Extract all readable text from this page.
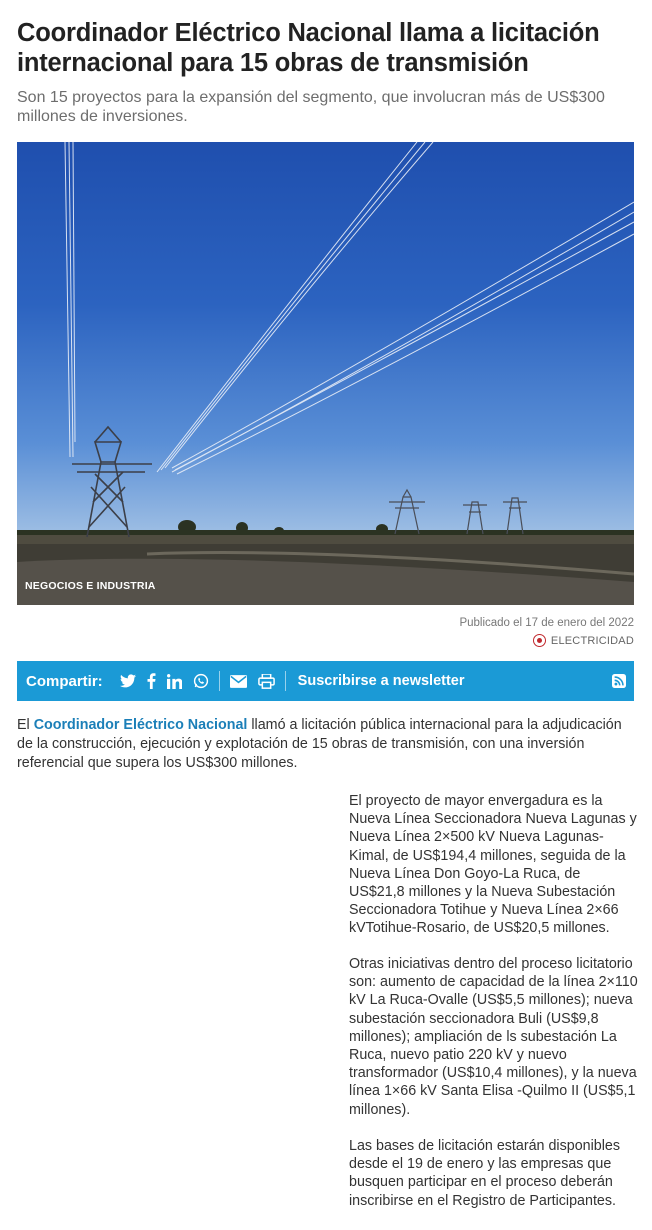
Coordinador Eléctrico Nacional llama a licitación internacional para 15 obras de transmisión

Son 15 proyectos para la expansión del segmento, que involucran más de US$300 millones de inversiones.

NEGOCIOS E INDUSTRIA
Publicado el 17 de enero del 2022
ELECTRICIDAD
Compartir:	Suscribirse a newsletter

El Coordinador Eléctrico Nacional llamó a licitación pública internacional para la adjudicación de la construcción, ejecución y explotación de 15 obras de transmisión, con una inversión referencial que supera los US$300 millones.

El proyecto de mayor envergadura es la Nueva Línea Seccionadora Nueva Lagunas y Nueva Línea 2×500 kV Nueva Lagunas-Kimal, de US$194,4 millones, seguida de la Nueva Línea Don Goyo-La Ruca, de US$21,8 millones y la Nueva Subestación Seccionadora Totihue y Nueva Línea 2×66 kVTotihue-Rosario, de US$20,5 millones.

Otras iniciativas dentro del proceso licitatorio son: aumento de capacidad de la línea 2×110 kV La Ruca-Ovalle (US$5,5 millones); nueva subestación seccionadora Buli (US$9,8 millones); ampliación de ls subestación La Ruca, nuevo patio 220 kV y nuevo transformador (US$10,4 millones), y la nueva línea 1×66 kV Santa Elisa -Quilmo II (US$5,1 millones).

Las bases de licitación estarán disponibles desde el 19 de enero y las empresas que busquen participar en el proceso deberán inscribirse en el Registro de Participantes.
